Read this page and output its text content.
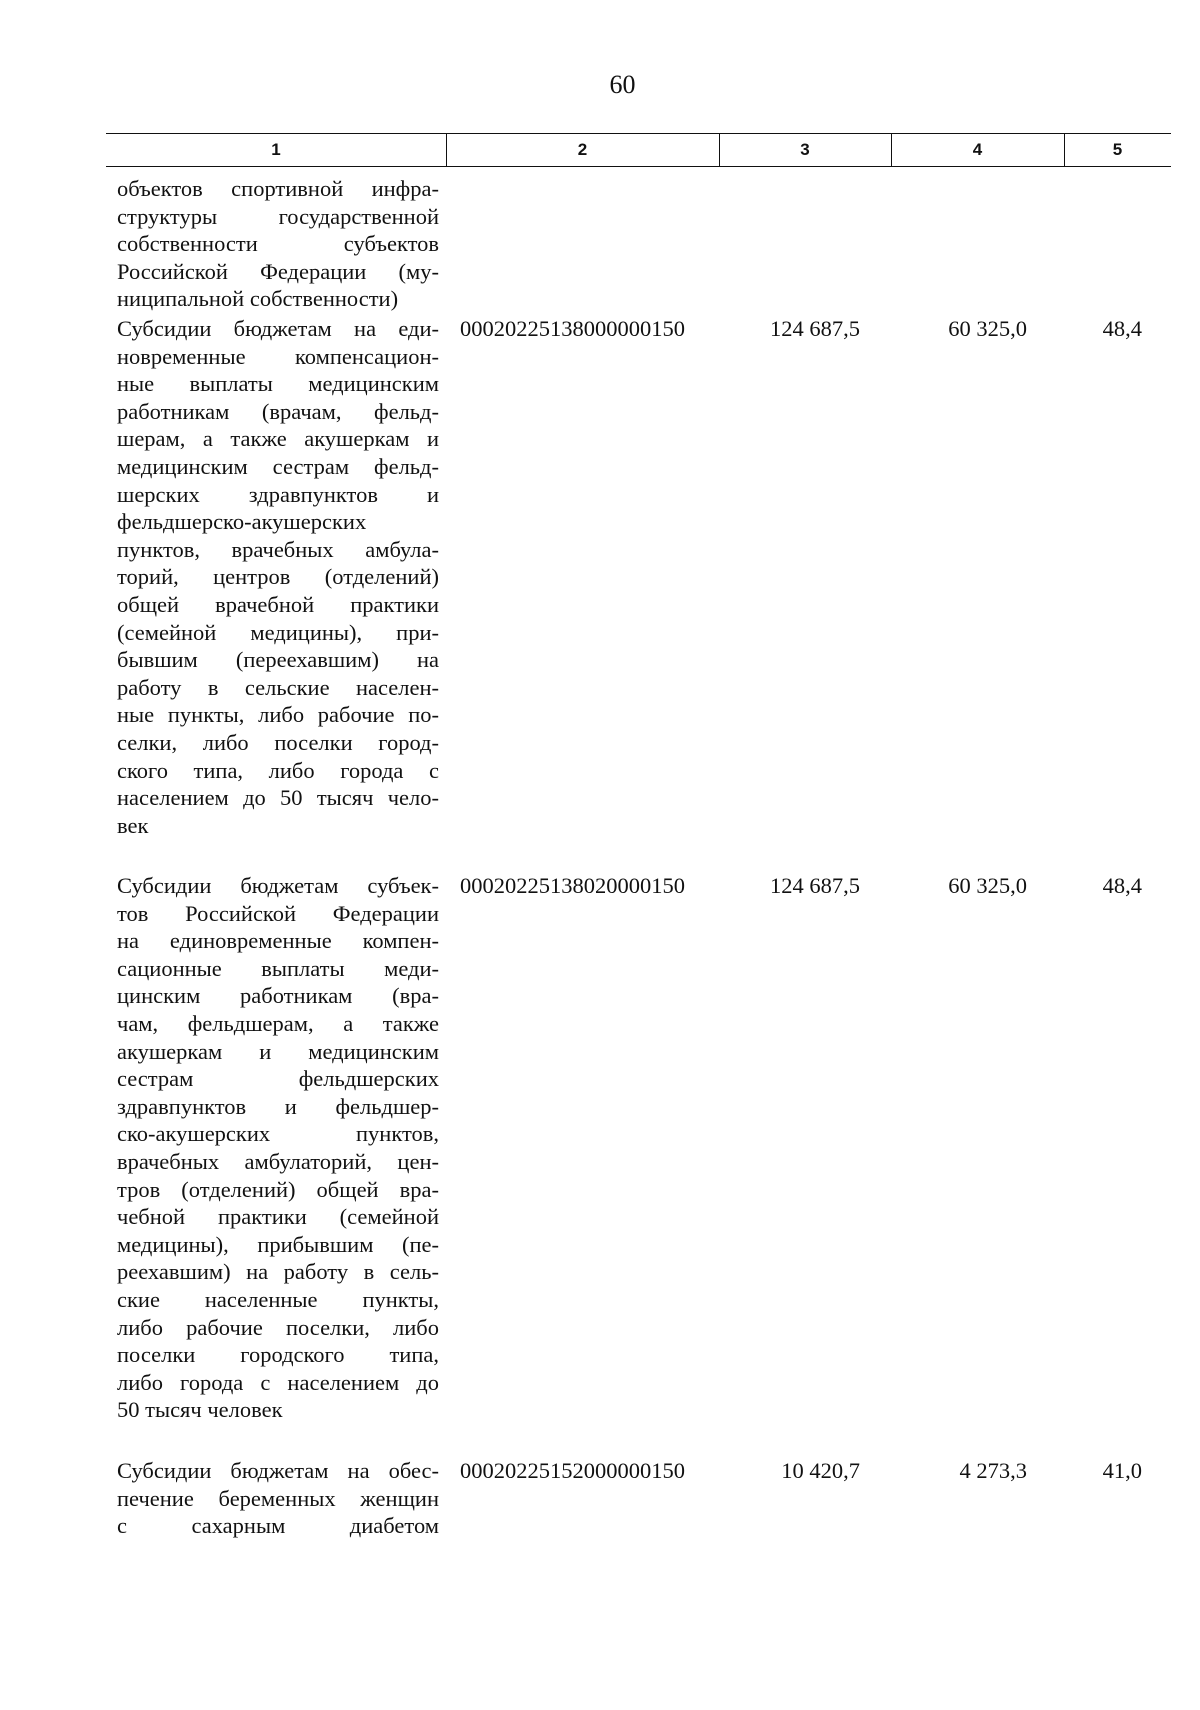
60
1	2	3	4	5
объектов спортивной инфра-
структуры государственной
собственности субъектов
Российской Федерации (му-
ниципальной собственности)
Субсидии бюджетам на еди-
новременные компенсацион-
ные выплаты медицинским
работникам (врачам, фельд-
шерам, а также акушеркам и
медицинским сестрам фельд-
шерских здравпунктов и
фельдшерско-акушерских
пунктов, врачебных амбула-
торий, центров (отделений)
общей врачебной практики
(семейной медицины), при-
бывшим (переехавшим) на
работу в сельские населен-
ные пункты, либо рабочие по-
селки, либо поселки город-
ского типа, либо города с
населением до 50 тысяч чело-
век
00020225138000000150	124 687,5	60 325,0	48,4
Субсидии бюджетам субъек-
тов Российской Федерации
на единовременные компен-
сационные выплаты меди-
цинским работникам (вра-
чам, фельдшерам, а также
акушеркам и медицинским
сестрам фельдшерских
здравпунктов и фельдшер-
ско-акушерских пунктов,
врачебных амбулаторий, цен-
тров (отделений) общей вра-
чебной практики (семейной
медицины), прибывшим (пе-
реехавшим) на работу в сель-
ские населенные пункты,
либо рабочие поселки, либо
поселки городского типа,
либо города с населением до
50 тысяч человек
00020225138020000150	124 687,5	60 325,0	48,4
Субсидии бюджетам на обес-
печение беременных женщин
с сахарным диабетом
00020225152000000150	10 420,7	4 273,3	41,0
